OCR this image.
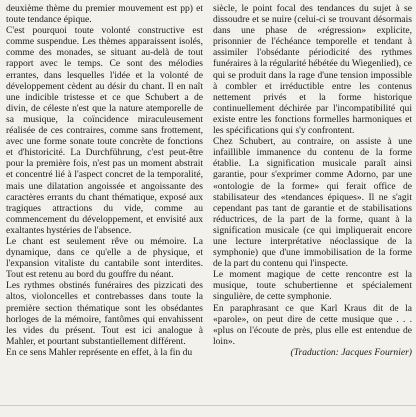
deuxième thème du premier mouvement est pp) et toute tendance épique.

C'est pourquoi toute volonté constructive est comme suspendue. Les thèmes apparaissent isolés, comme des monades, se situant au-delà de tout rapport avec le temps. Ce sont des mélodies errantes, dans lesquelles l'idée et la volonté de développement cèdent au désir du chant. Il en naît une indicible tristesse et ce que Schubert a de divin, de céleste n'est que la nature atemporelle de sa musique, la coïncidence miraculeusement réalisée de ces contraires, comme sans frottement, avec une forme sonate toute concrète de fonctions et d'historicité. La Durchführung, c'est peut-être pour la première fois, n'est pas un moment abstrait et concentré lié à l'aspect concret de la temporalité, mais une dilatation angoissée et angoissante des caractères errants du chant thématique, exposé aux tragiques attractions du vide, comme au commencement du développement, et envisité aux exaltantes hystéries de l'absence.

Le chant est seulement rêve ou mémoire. La dynamique, dans ce qu'elle a de physique, et l'expansion vitaliste du cantabile sont interdites. Tout est retenu au bord du gouffre du néant.

Les rythmes obstinés funéraires des pizzicati des altos, violoncelles et contrebasses dans toute la première section thématique sont les obsédantes horloges de la mémoire, fantômes qui envahissent les vides du présent. Tout est ici analogue à Mahler, et pourtant substantiellement différent.

En ce sens Mahler représente en effet, à la fin du

siècle, le point focal des tendances du sujet à se dissoudre et se nuire (celui-ci se trouvant désormais dans une phase de «régression» explicite, prisonnier de l'échéance temporelle et tendant à assimiler l'obsédante périodicité des rythmes funéraires à la régularité hébétée du Wiegenlied), ce qui se produit dans la rage d'une tension impossible à combler et irréductible entre les contenus nettement privés et la forme historique continuellement déchirée par l'incompatibilité qui existe entre les fonctions formelles harmoniques et les spécifications qui s'y confrontent.

Chez Schubert, au contraire, on assiste à une infaillible immanence du contenu de la forme établie. La signification musicale paraît ainsi garantie, pour s'exprimer comme Adorno, par une «ontologie de la forme» qui ferait office de stabilisateur des «tendances épiques». Il ne s'agit cependant pas tant de garantie et de stabilisations réductrices, de la part de la forme, quant à la signification musicale (ce qui impliquerait encore une lecture interprétative néoclassique de la symphonie) que d'une immobilisation de la forme de la part du contenu qui l'inspecte.

Le moment magique de cette rencontre est la musique, toute schubertienne et spécialement singulière, de cette symphonie.

En paraphrasant ce que Karl Kraus dit de la «parole», on peut dire de cette musique que . . . «plus on l'écoute de près, plus elle est entendue de loin».

(Traduction: Jacques Fournier)
